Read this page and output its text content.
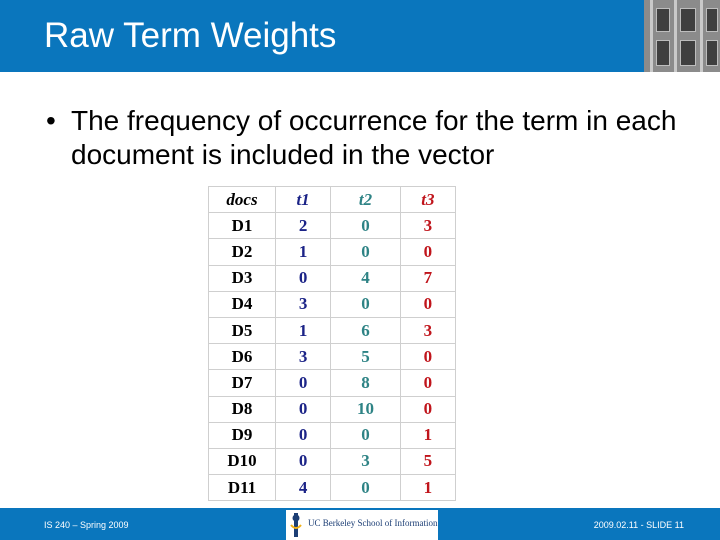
Raw Term Weights
• The frequency of occurrence for the term in each document is included in the vector
docs	t1	t2	t3
D1	2	0	3
D2	1	0	0
D3	0	4	7
D4	3	0	0
D5	1	6	3
D6	3	5	0
D7	0	8	0
D8	0	10	0
D9	0	0	1
D10	0	3	5
D11	4	0	1
IS 240 – Spring 2009	2009.02.11 - SLIDE 11
UC Berkeley School of Information
